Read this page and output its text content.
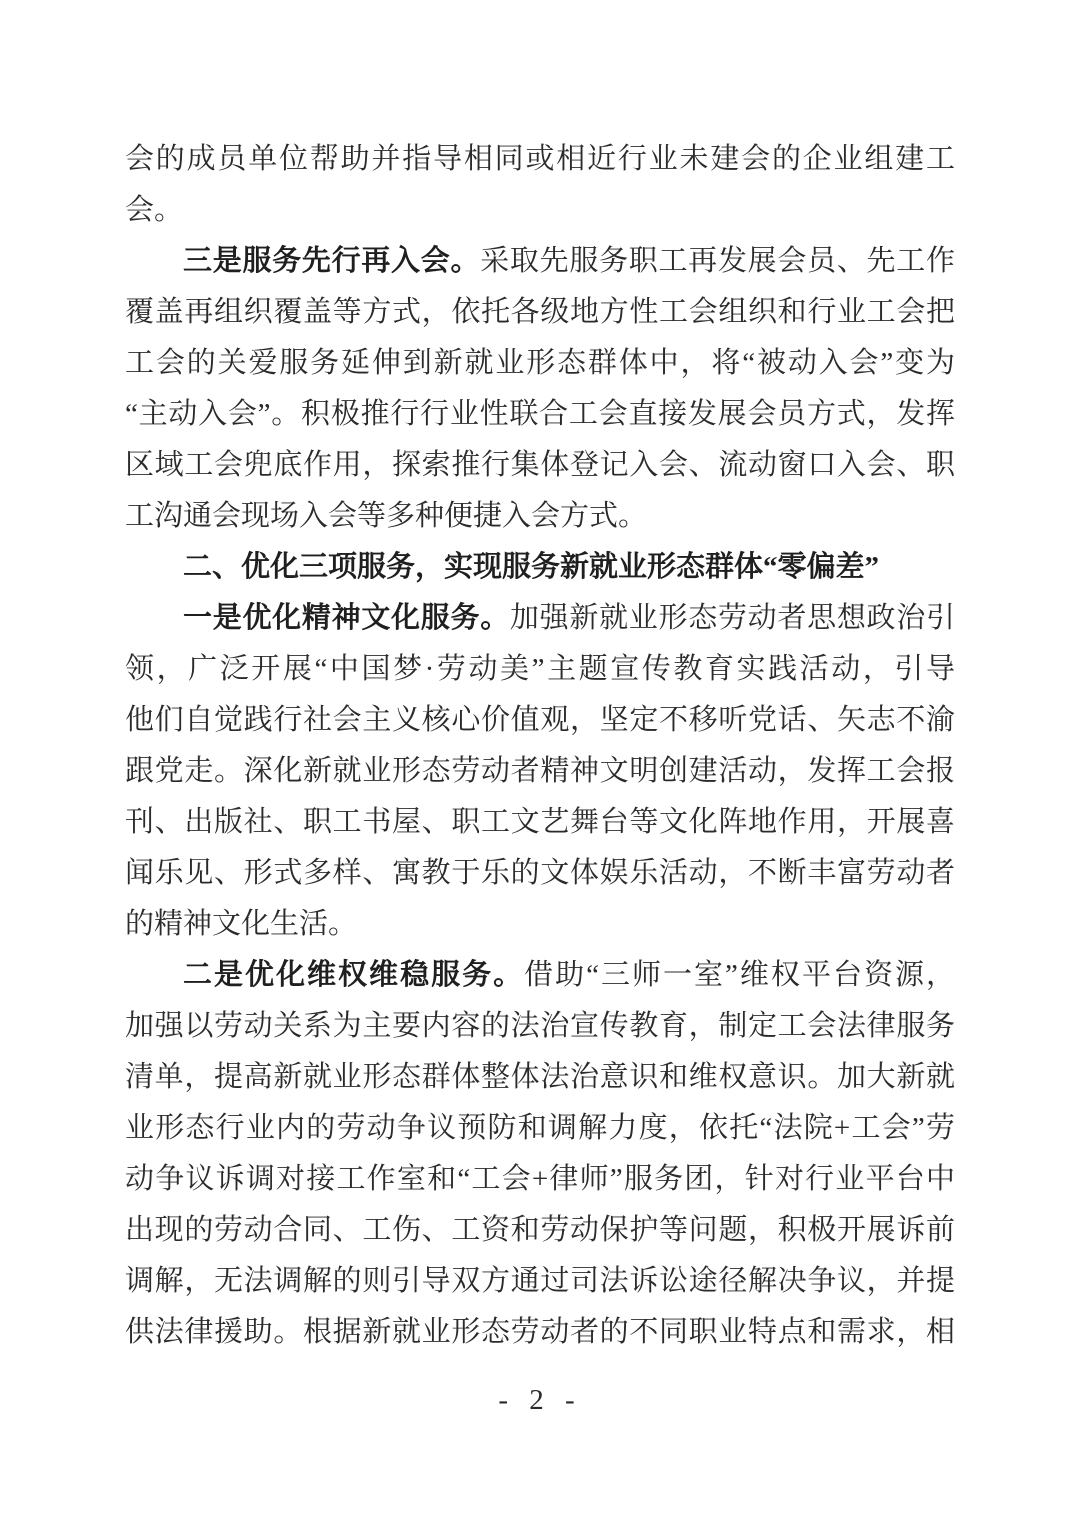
会的成员单位帮助并指导相同或相近行业未建会的企业组建工
会。
三是服务先行再入会。采取先服务职工再发展会员、先工作
覆盖再组织覆盖等方式，依托各级地方性工会组织和行业工会把
工会的关爱服务延伸到新就业形态群体中，将“被动入会”变为
“主动入会”。积极推行行业性联合工会直接发展会员方式，发挥
区域工会兜底作用，探索推行集体登记入会、流动窗口入会、职
工沟通会现场入会等多种便捷入会方式。
二、优化三项服务，实现服务新就业形态群体“零偏差”
一是优化精神文化服务。加强新就业形态劳动者思想政治引
领，广泛开展“中国梦·劳动美”主题宣传教育实践活动，引导
他们自觉践行社会主义核心价值观，坚定不移听党话、矢志不渝
跟党走。深化新就业形态劳动者精神文明创建活动，发挥工会报
刊、出版社、职工书屋、职工文艺舞台等文化阵地作用，开展喜
闻乐见、形式多样、寓教于乐的文体娱乐活动，不断丰富劳动者
的精神文化生活。
二是优化维权维稳服务。借助“三师一室”维权平台资源，
加强以劳动关系为主要内容的法治宣传教育，制定工会法律服务
清单，提高新就业形态群体整体法治意识和维权意识。加大新就
业形态行业内的劳动争议预防和调解力度，依托“法院+工会”劳
动争议诉调对接工作室和“工会+律师”服务团，针对行业平台中
出现的劳动合同、工伤、工资和劳动保护等问题，积极开展诉前
调解，无法调解的则引导双方通过司法诉讼途径解决争议，并提
供法律援助。根据新就业形态劳动者的不同职业特点和需求，相
- 2 -
